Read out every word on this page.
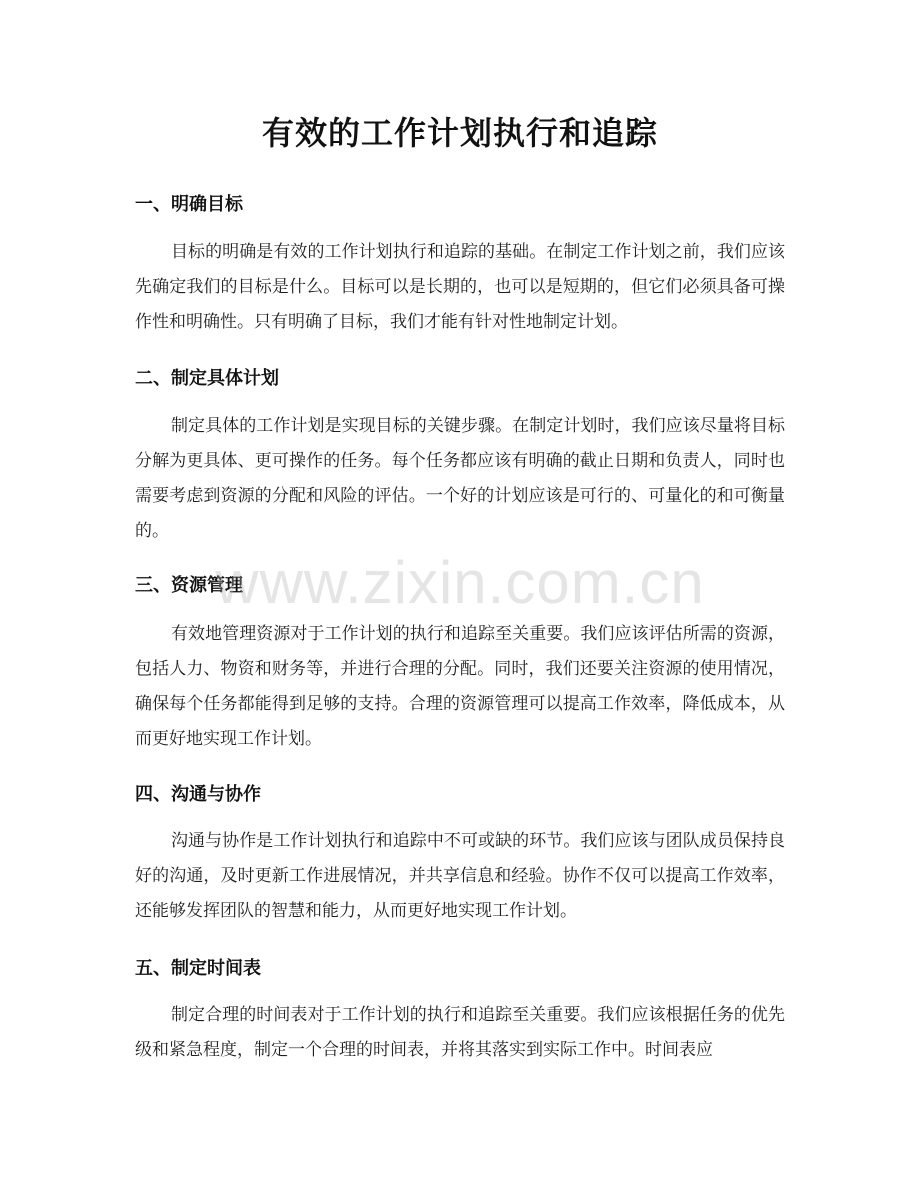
有效的工作计划执行和追踪
一、明确目标
目标的明确是有效的工作计划执行和追踪的基础。在制定工作计划之前，我们应该先确定我们的目标是什么。目标可以是长期的，也可以是短期的，但它们必须具备可操作性和明确性。只有明确了目标，我们才能有针对性地制定计划。
二、制定具体计划
制定具体的工作计划是实现目标的关键步骤。在制定计划时，我们应该尽量将目标分解为更具体、更可操作的任务。每个任务都应该有明确的截止日期和负责人，同时也需要考虑到资源的分配和风险的评估。一个好的计划应该是可行的、可量化的和可衡量的。
三、资源管理
有效地管理资源对于工作计划的执行和追踪至关重要。我们应该评估所需的资源，包括人力、物资和财务等，并进行合理的分配。同时，我们还要关注资源的使用情况，确保每个任务都能得到足够的支持。合理的资源管理可以提高工作效率，降低成本，从而更好地实现工作计划。
四、沟通与协作
沟通与协作是工作计划执行和追踪中不可或缺的环节。我们应该与团队成员保持良好的沟通，及时更新工作进展情况，并共享信息和经验。协作不仅可以提高工作效率，还能够发挥团队的智慧和能力，从而更好地实现工作计划。
五、制定时间表
制定合理的时间表对于工作计划的执行和追踪至关重要。我们应该根据任务的优先级和紧急程度，制定一个合理的时间表，并将其落实到实际工作中。时间表应
www.zixin.com.cn
